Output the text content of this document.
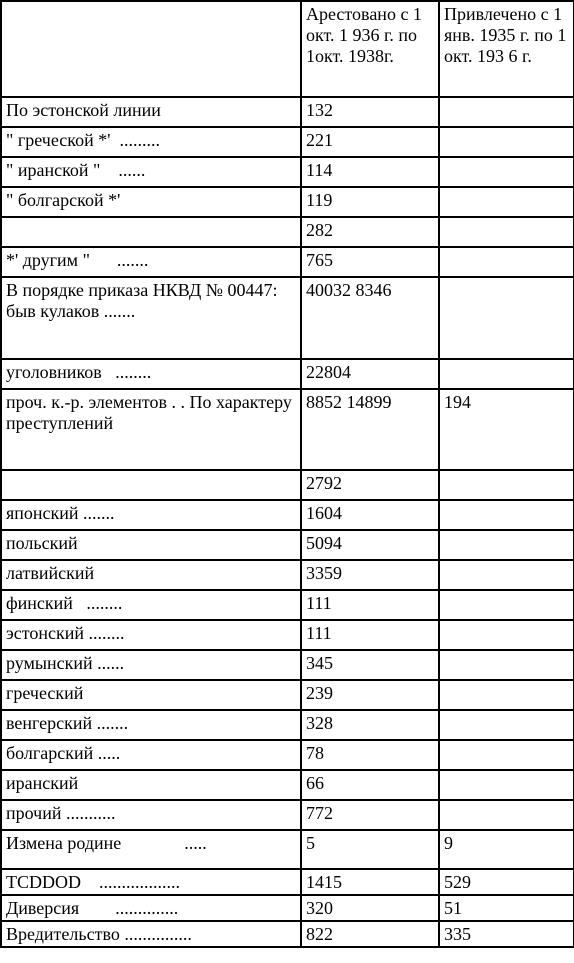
	Арестовано с 1 окт. 1 936 г. по 1окт. 1938г.	Привлечено с 1 янв. 1935 г. по 1 окт. 193 6 г.
По эстонской линии	132	
" греческой *'  .........	221	
" иранской "    ......	114	
" болгарской *'	119	
	282	
*' другим "      .......	765	
В порядке приказа НКВД № 00447: быв кулаков .......	40032 8346	
уголовников   ........	22804	
проч. к.-р. элементов . . По характеру преступлений	8852 14899	194
	2792	
японский .......	1604	
польский	5094	
латвийский	3359	
финский   ........	111	
эстонский ........	111	
румынский ......	345	
греческий	239	
венгерский .......	328	
болгарский .....	78	
иранский	66	
прочий ...........	772	
Измена родине              .....	5	9
TCDDOD    ..................	1415	529
Диверсия        ..............	320	51
Вредительство ...............	822	335
